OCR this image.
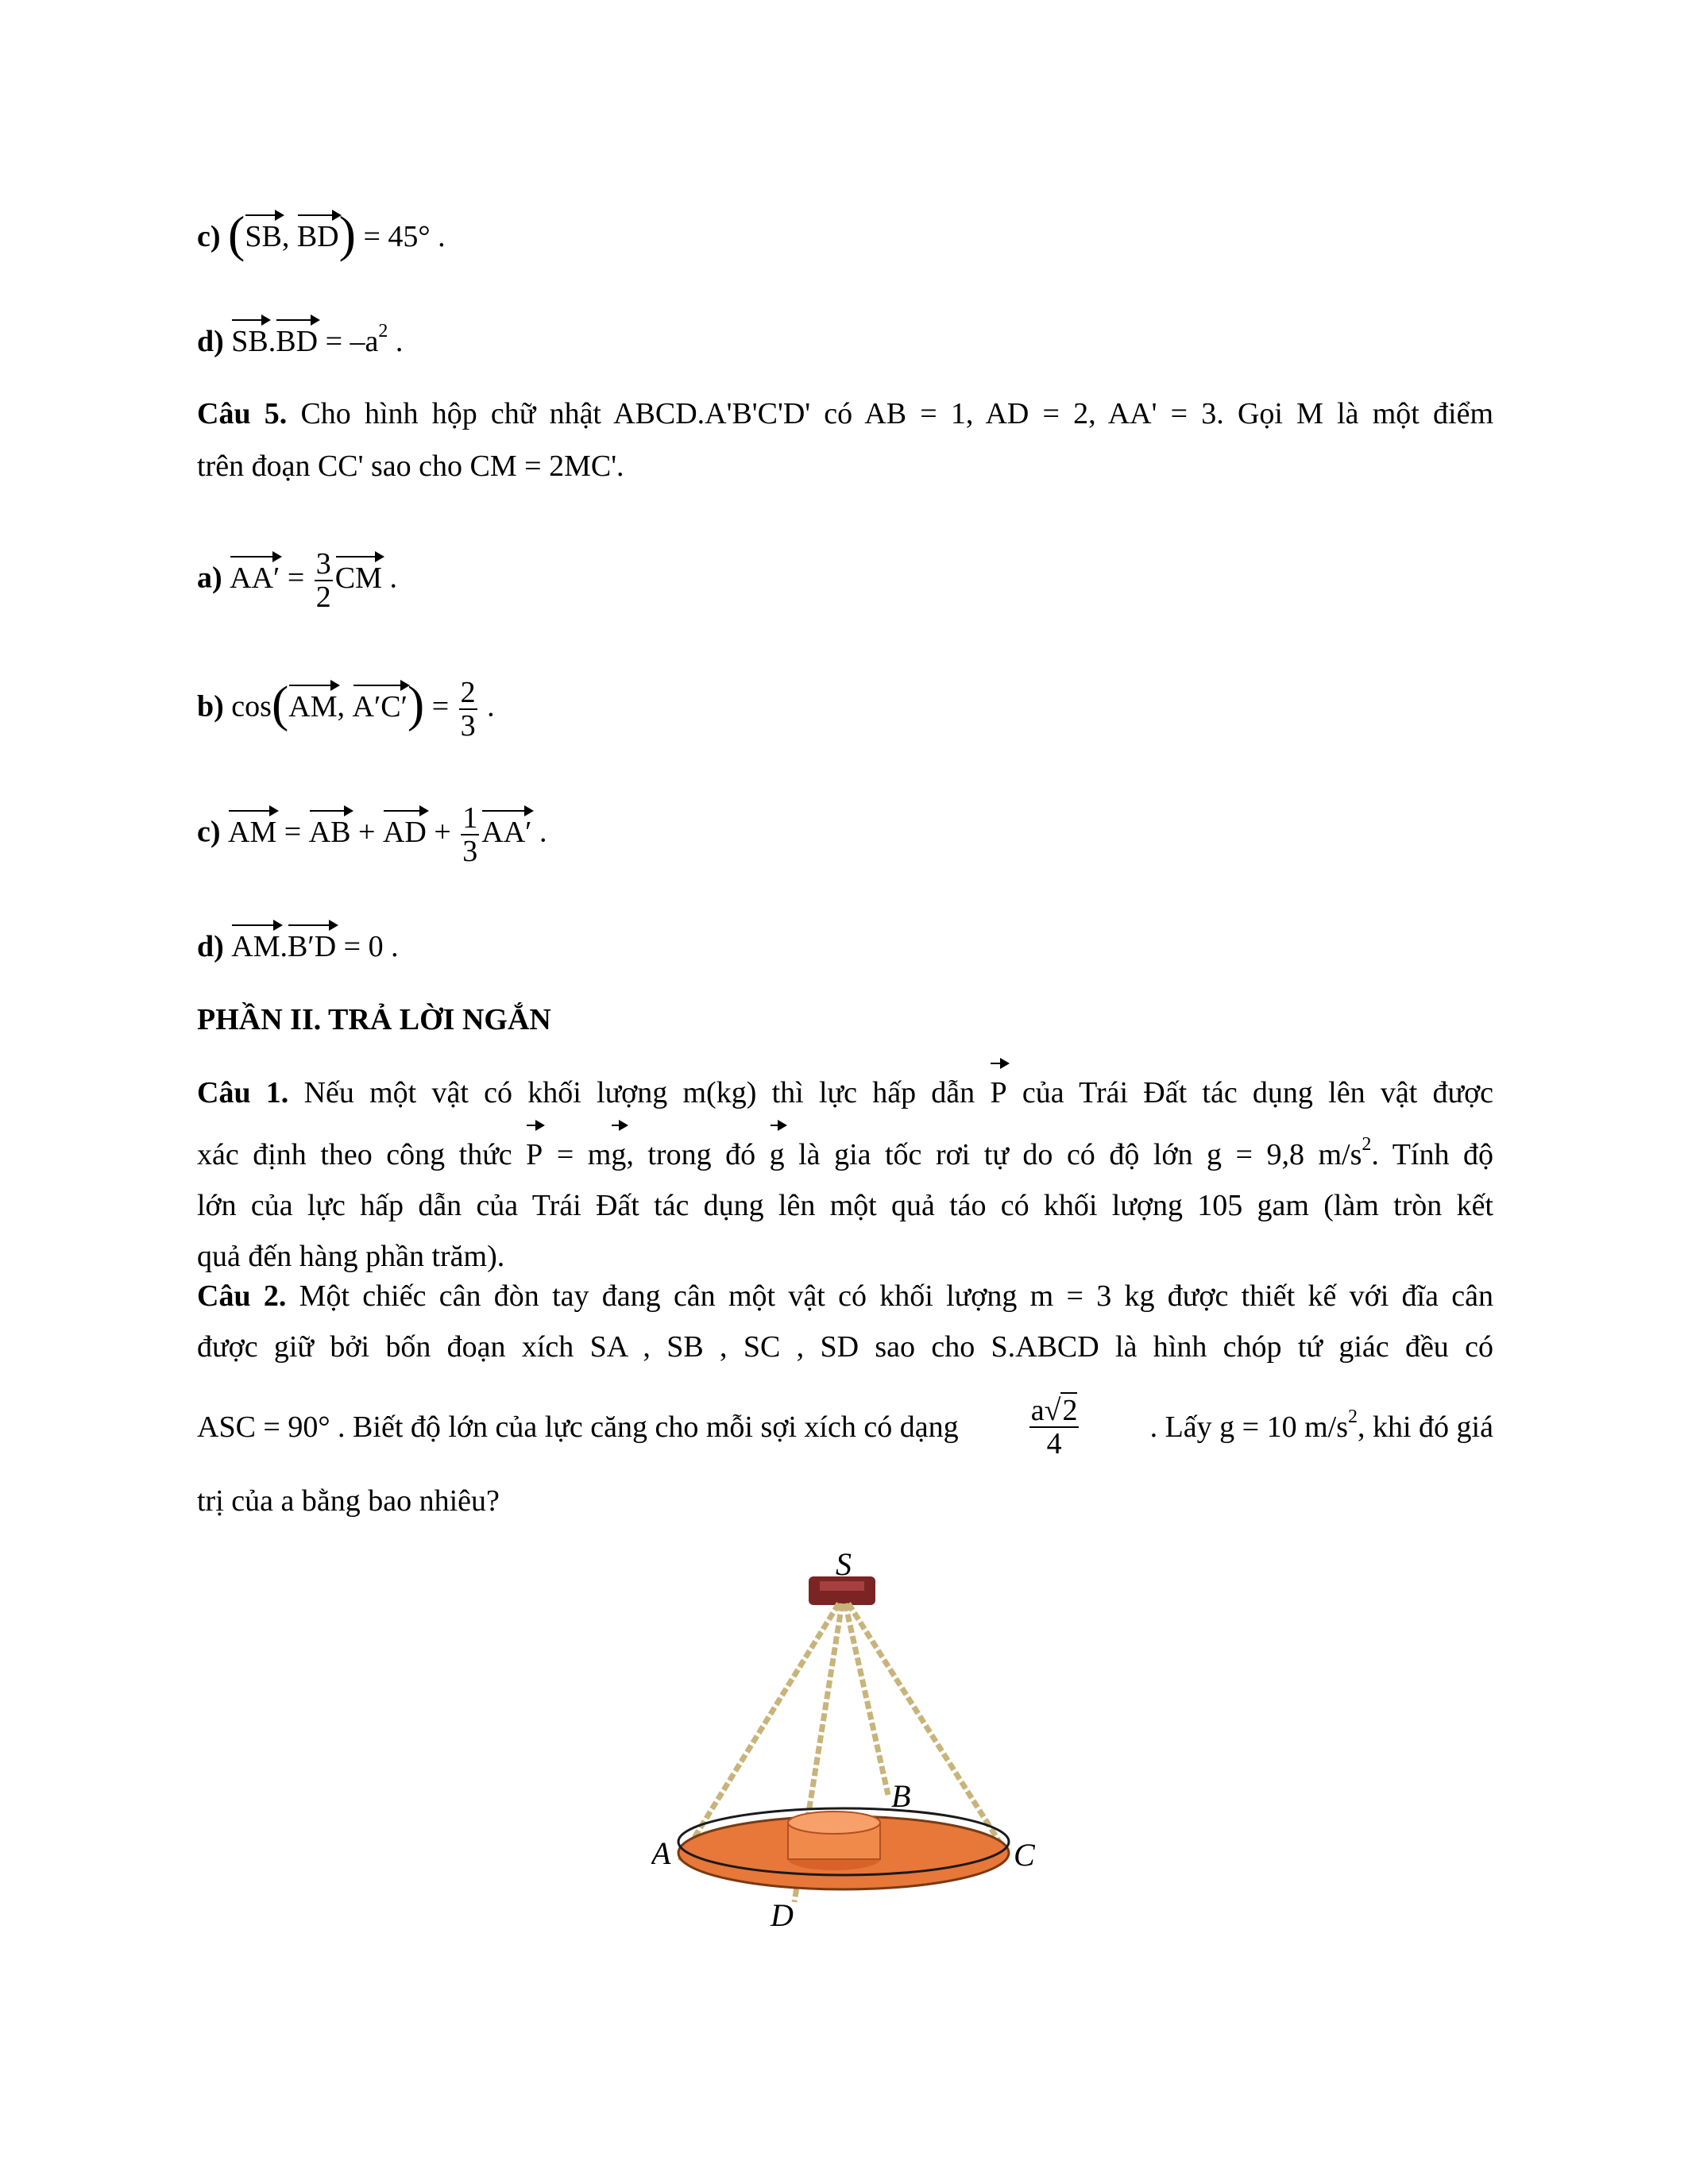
c) (SB, BD) = 45° .
d) $SB.BD = -a^2$ .
Câu 5. Cho hình hộp chữ nhật ABCD.A'B'C'D' có AB = 1, AD = 2, AA' = 3. Gọi M là một điểm
trên đoạn CC' sao cho CM = 2MC'.
a) $AA' = \frac{3}{2}$ CM .
b) cos(AM, $A'C') = \frac{2}{3}$ .
c) AM = AB + AD + $\frac{1}{3} AA'$ .
d) AM.B′D = 0 .
PHẦN II. TRẢ LỜI NGẮN
Câu 1. Nếu một vật có khối lượng m(kg) thì lực hấp dẫn P của Trái Đất tác dụng lên vật được
xác định theo công thức P = mg, trong đó g là gia tốc rơi tự do có độ lớn g = 9,8 $m/s^2$. Tính độ
lớn của lực hấp dẫn của Trái Đất tác dụng lên một quả táo có khối lượng 105 gam (làm tròn kết
quả đến hàng phần trăm).
Câu 2. Một chiếc cân đòn tay đang cân một vật có khối lượng m = 3 kg được thiết kế với đĩa cân
được giữ bởi bốn đoạn xích SA , SB , SC , SD sao cho S.ABCD là hình chóp tứ giác đều có
ASC = 90° . Biết độ lớn của lực căng cho mỗi sợi xích có dạng $\frac{a√2}{4}$ . Lấy g = 10 $m/s^2$, khi đó giá
trị của a bằng bao nhiêu?
S
A
B
C
D
